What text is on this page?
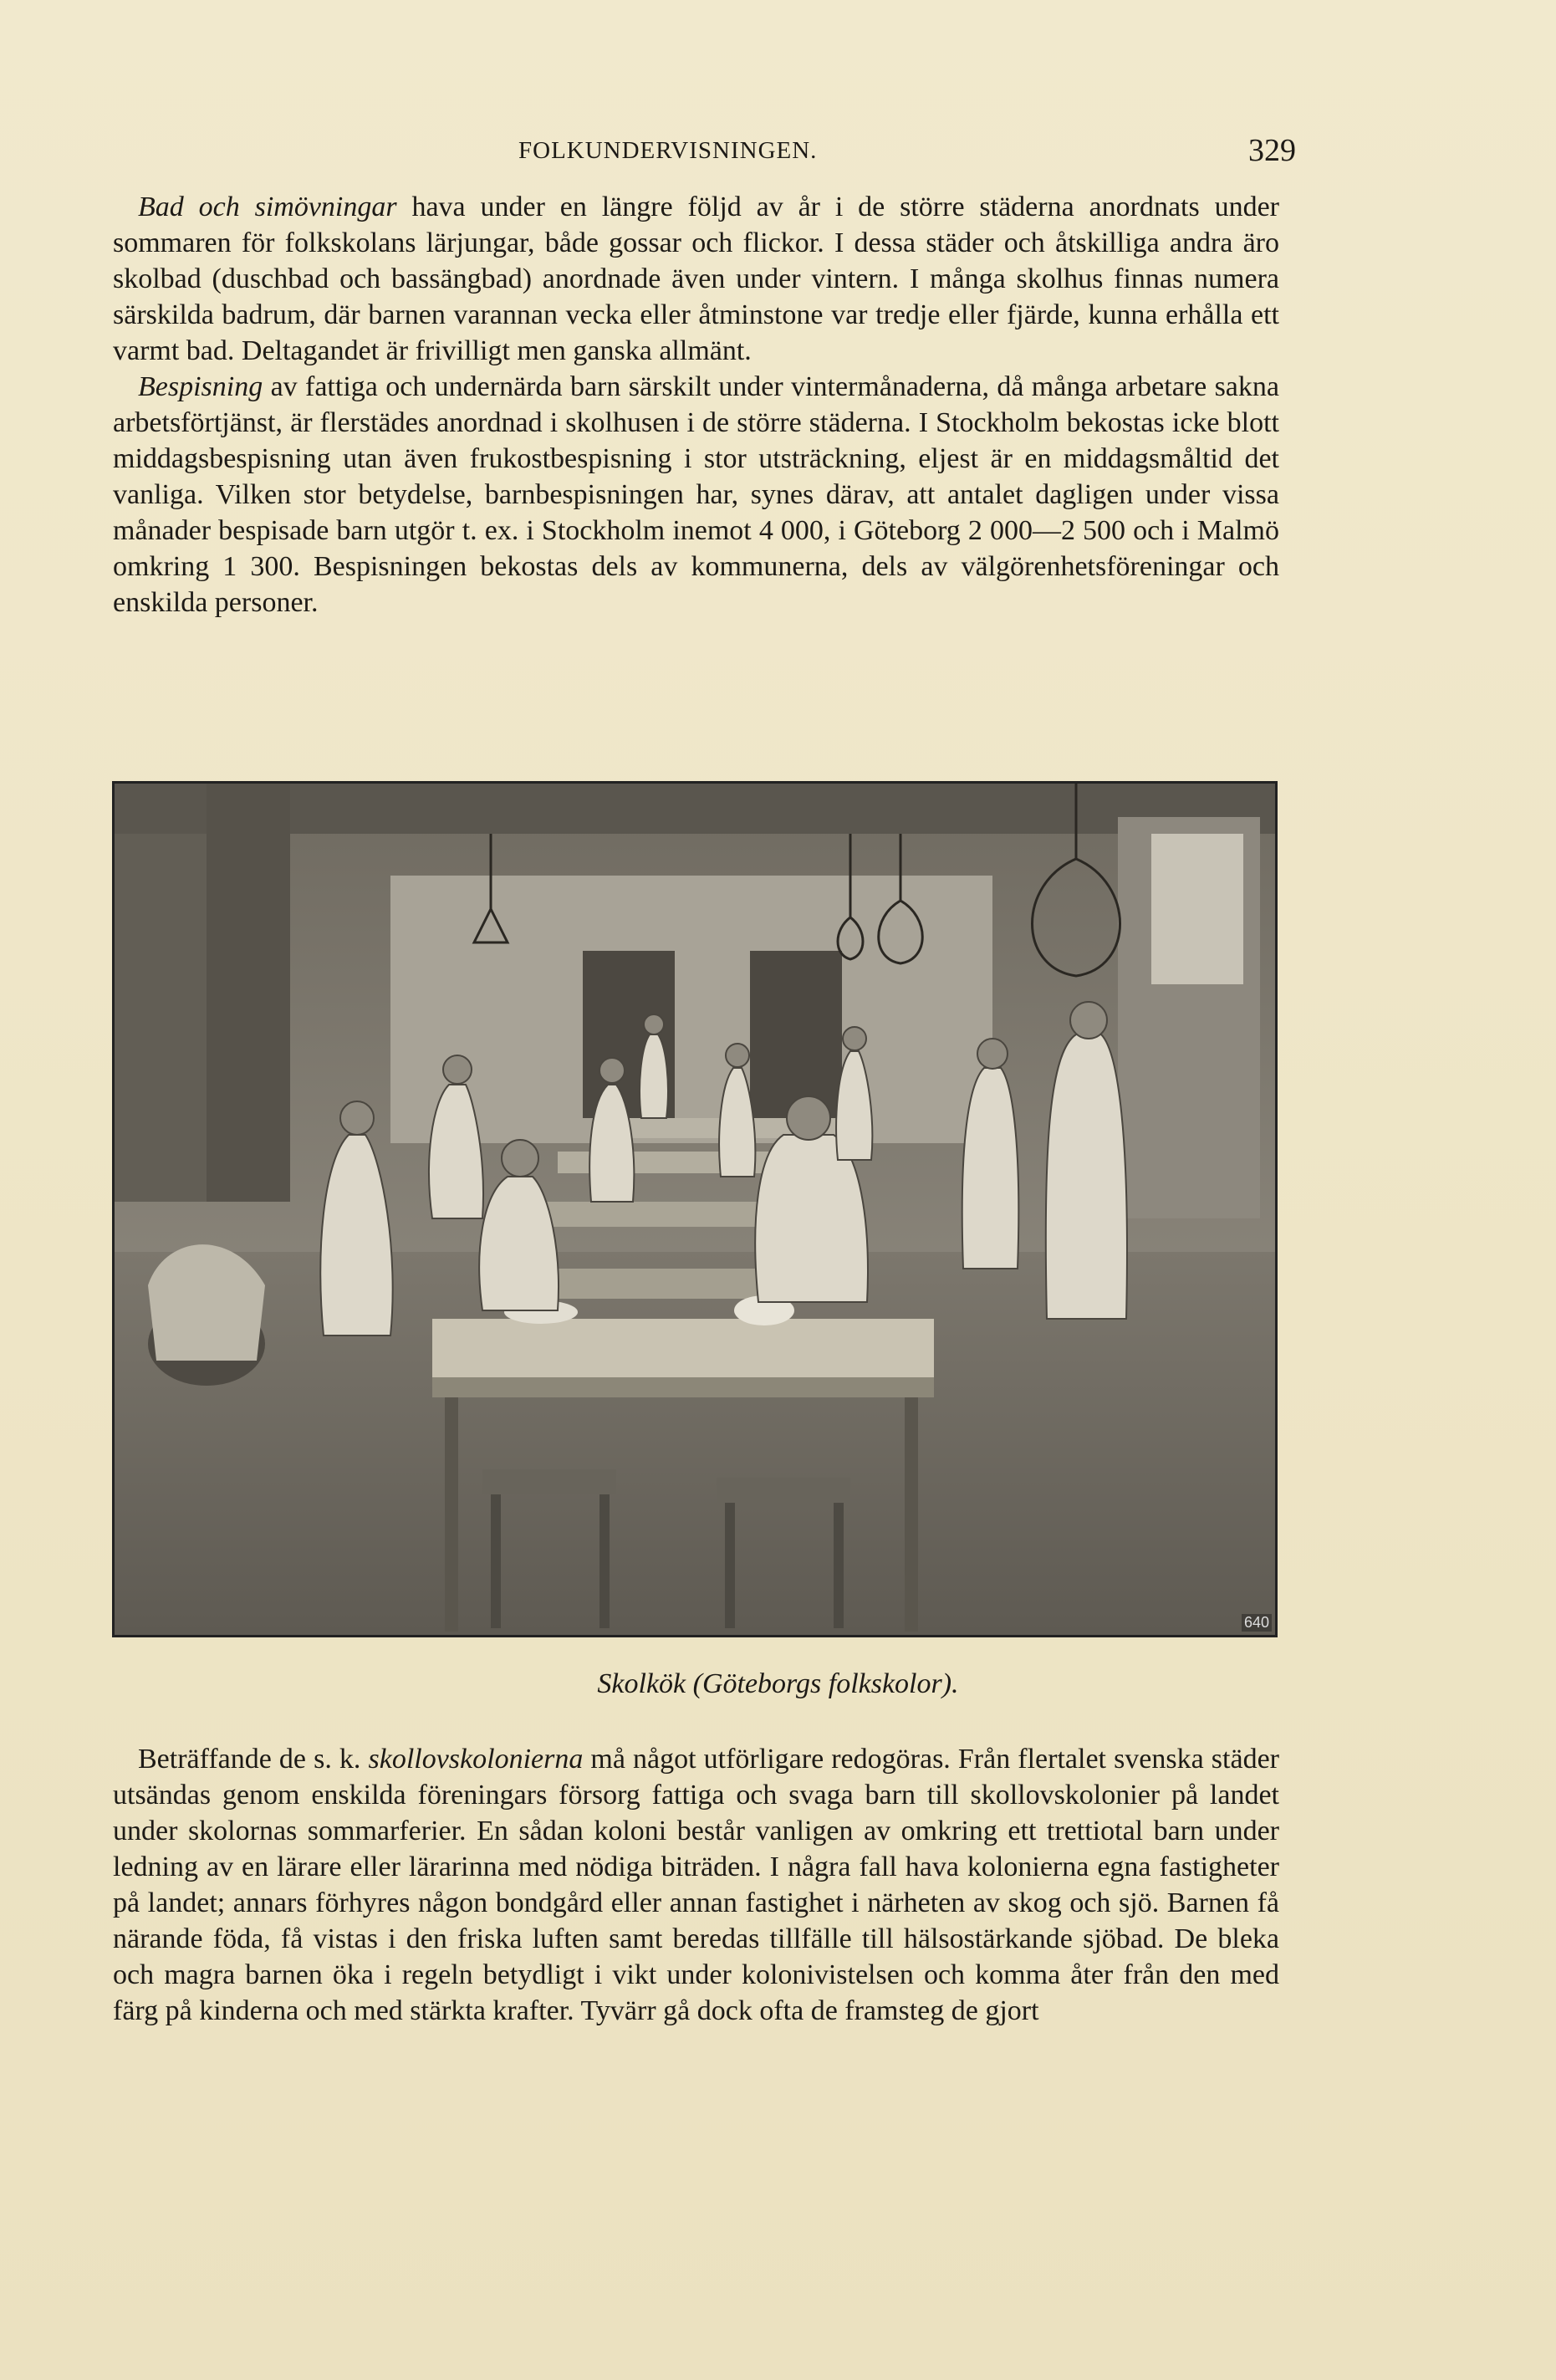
FOLKUNDERVISNINGEN.	329

Bad och simövningar hava under en längre följd av år i de större städerna anordnats under sommaren för folkskolans lärjungar, både gossar och flickor. I dessa städer och åtskilliga andra äro skolbad (duschbad och bassängbad) anordnade även under vintern. I många skolhus finnas numera särskilda badrum, där barnen varannan vecka eller åtminstone var tredje eller fjärde, kunna erhålla ett varmt bad. Deltagandet är frivilligt men ganska allmänt.

Bespisning av fattiga och undernärda barn särskilt under vintermånaderna, då många arbetare sakna arbetsförtjänst, är flerstädes anordnad i skolhusen i de större städerna. I Stockholm bekostas icke blott middagsbespisning utan även frukostbespisning i stor utsträckning, eljest är en middagsmåltid det vanliga. Vilken stor betydelse, barnbespisningen har, synes därav, att antalet dagligen under vissa månader bespisade barn utgör t. ex. i Stockholm inemot 4 000, i Göteborg 2 000—2 500 och i Malmö omkring 1 300. Bespisningen bekostas dels av kommunerna, dels av välgörenhetsföreningar och enskilda personer.

640
Skolkök (Göteborgs folkskolor).

Beträffande de s. k. skollovskolonierna må något utförligare redogöras. Från flertalet svenska städer utsändas genom enskilda föreningars försorg fattiga och svaga barn till skollovskolonier på landet under skolornas sommarferier. En sådan koloni består vanligen av omkring ett trettiotal barn under ledning av en lärare eller lärarinna med nödiga biträden. I några fall hava kolonierna egna fastigheter på landet; annars förhyres någon bondgård eller annan fastighet i närheten av skog och sjö. Barnen få närande föda, få vistas i den friska luften samt beredas tillfälle till hälsostärkande sjöbad. De bleka och magra barnen öka i regeln betydligt i vikt under kolonivistelsen och komma åter från den med färg på kinderna och med stärkta krafter. Tyvärr gå dock ofta de framsteg de gjort
